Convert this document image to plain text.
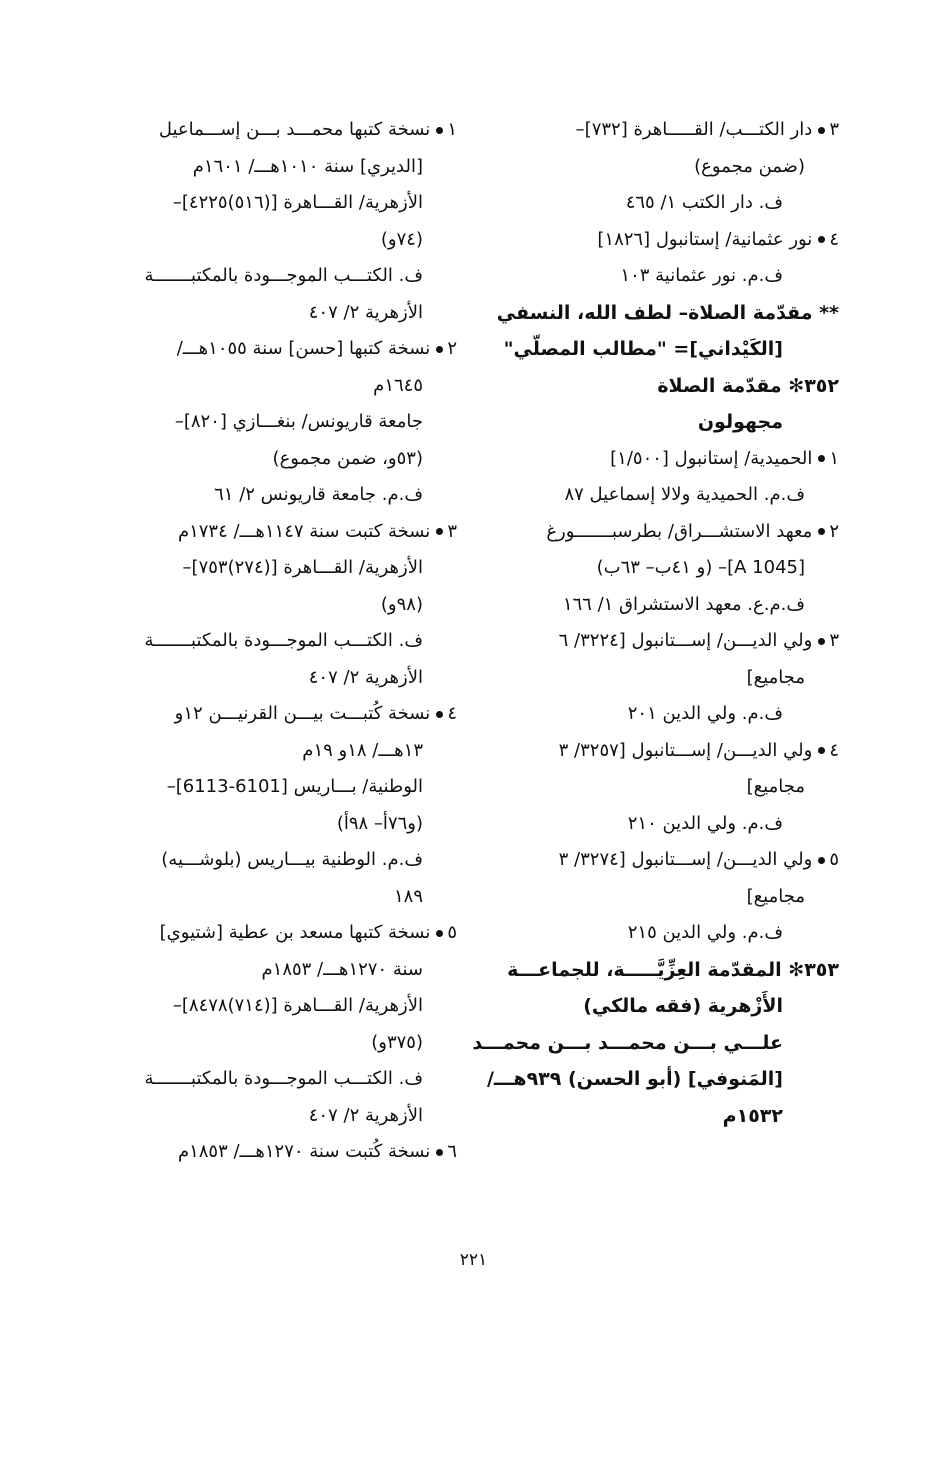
٣دار الكتـــب/ القـــــاهرة [٧٣٢]–
(ضمن مجموع)
ف. دار الكتب ١/ ٤٦٥
٤نور عثمانية/ إستانبول [١٨٢٦]
ف.م. نور عثمانية ١٠٣
** مقدّمة الصلاة– لطف الله، النسفي
[الكَيْداني]= "مطالب المصلّي"
٣٥٢✻ مقدّمة الصلاة
مجهولون
١الحميدية/ إستانبول [١/٥٠٠]
ف.م. الحميدية ولالا إسماعيل ٨٧
٢معهد الاستشـــراق/ بطرسبـــــــورغ
[A 1045]– (و ٤١ب– ٦٣ب)
ف.م.ع. معهد الاستشراق ١/ ١٦٦
٣ولي الديـــن/ إســـتانبول [٣٢٢٤/ ٦
مجاميع]
ف.م. ولي الدين ٢٠١
٤ولي الديـــن/ إســـتانبول [٣٢٥٧/ ٣
مجاميع]
ف.م. ولي الدين ٢١٠
٥ولي الديـــن/ إســـتانبول [٣٢٧٤/ ٣
مجاميع]
ف.م. ولي الدين ٢١٥
٣٥٣✻ المقدّمة العِزِّيَّـــــة، للجماعـــة
الأَزْهرية (فقه مالكي)
علـــي بـــن محمـــد بـــن محمـــد
[المَنوفي] (أبو الحسن) ٩٣٩هـــ/
١٥٣٢م
١نسخة كتبها محمـــد بـــن إســـماعيل
[الديري] سنة ١٠١٠هـــ/ ١٦٠١م
الأزهرية/ القـــاهرة [(٥١٦)٤٢٢٥]–
(٧٤و)
ف. الكتـــب الموجـــودة بالمكتبـــــــة
الأزهرية ٢/ ٤٠٧
٢نسخة كتبها [حسن] سنة ١٠٥٥هـــ/
١٦٤٥م
جامعة قاريونس/ بنغـــازي [٨٢٠]–
(٥٣و، ضمن مجموع)
ف.م. جامعة قاريونس ٢/ ٦١
٣نسخة كتبت سنة ١١٤٧هـــ/ ١٧٣٤م
الأزهرية/ القـــاهرة [(٢٧٤)٧٥٣]–
(٩٨و)
ف. الكتـــب الموجـــودة بالمكتبـــــــة
الأزهرية ٢/ ٤٠٧
٤نسخة كُتبـــت بيـــن القرنيـــن ١٢و
١٣هـــ/ ١٨و ١٩م
الوطنية/ بـــاريس [6101-6113]–
(و٧٦أ– ٩٨أ)
ف.م. الوطنية بيـــاريس (بلوشـــيه)
١٨٩
٥نسخة كتبها مسعد بن عطية [شتيوي]
سنة ١٢٧٠هـــ/ ١٨٥٣م
الأزهرية/ القـــاهرة [(٧١٤)٨٤٧٨]–
(٣٧٥و)
ف. الكتـــب الموجـــودة بالمكتبـــــــة
الأزهرية ٢/ ٤٠٧
٦نسخة كُتبت سنة ١٢٧٠هـــ/ ١٨٥٣م
٢٢١
